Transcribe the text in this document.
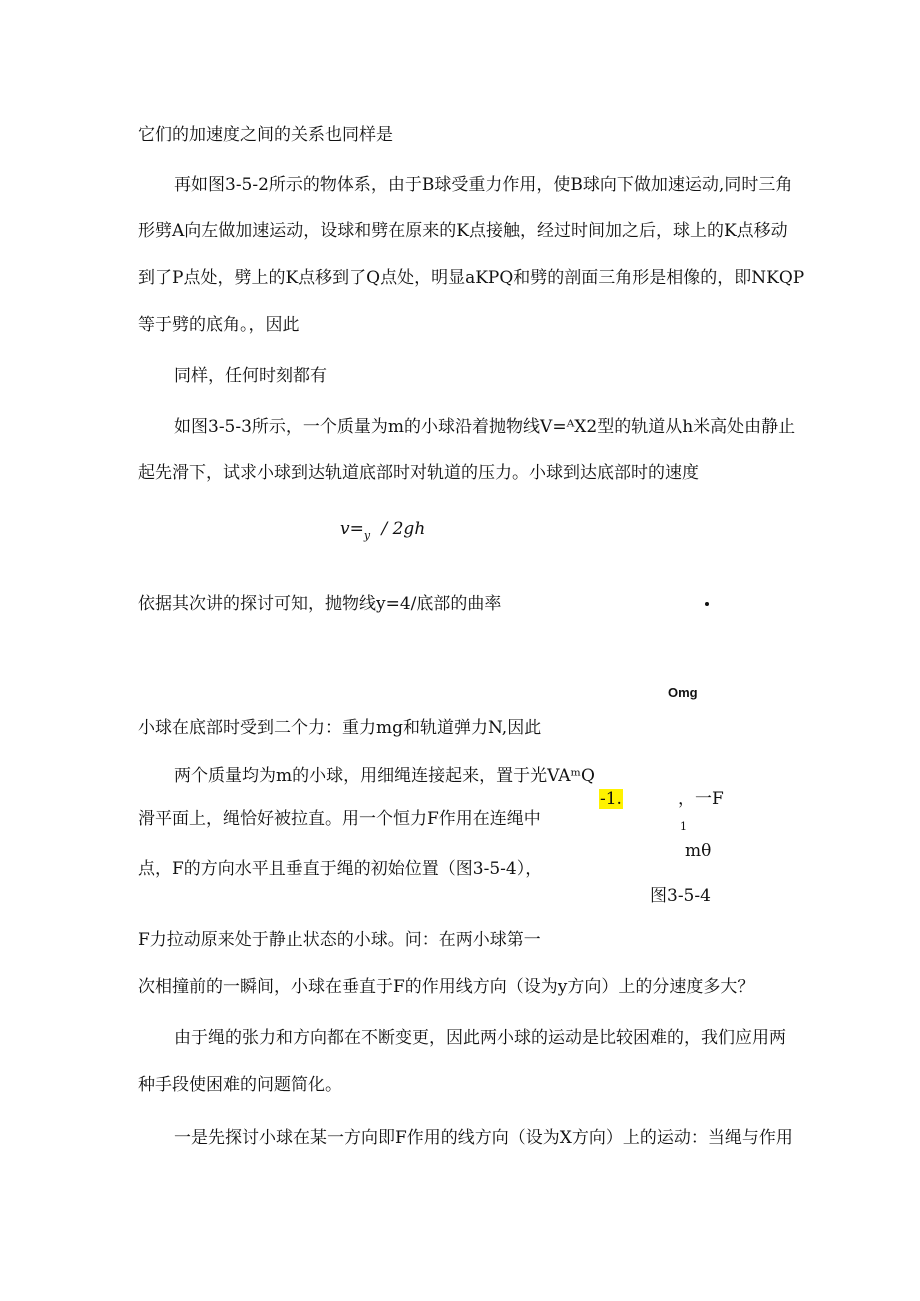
它们的加速度之间的关系也同样是
再如图3-5-2所示的物体系，由于B球受重力作用，使B球向下做加速运动,同时三角
形劈A向左做加速运动，设球和劈在原来的K点接触，经过时间加之后，球上的K点移动
到了P点处，劈上的K点移到了Q点处，明显aKPQ和劈的剖面三角形是相像的，即NKQP
等于劈的底角。，因此
同样，任何时刻都有
如图3-5-3所示，一个质量为m的小球沿着抛物线V=ᴬX2型的轨道从h米高处由静止
起先滑下，试求小球到达轨道底部时对轨道的压力。小球到达底部时的速度
$v=_y / 2gh$
依据其次讲的探讨可知，抛物线y=4/底部的曲率
Omg
小球在底部时受到二个力：重力mg和轨道弹力N,因此
两个质量均为m的小球，用细绳连接起来，置于光VAᵐQ
-1.	，一F
滑平面上，绳恰好被拉直。用一个恒力F作用在连绳中	1
mθ
点，F的方向水平且垂直于绳的初始位置（图3-5-4），
图3-5-4
F力拉动原来处于静止状态的小球。问：在两小球第一
次相撞前的一瞬间，小球在垂直于F的作用线方向（设为y方向）上的分速度多大？
由于绳的张力和方向都在不断变更，因此两小球的运动是比较困难的，我们应用两
种手段使困难的问题简化。
一是先探讨小球在某一方向即F作用的线方向（设为X方向）上的运动：当绳与作用
